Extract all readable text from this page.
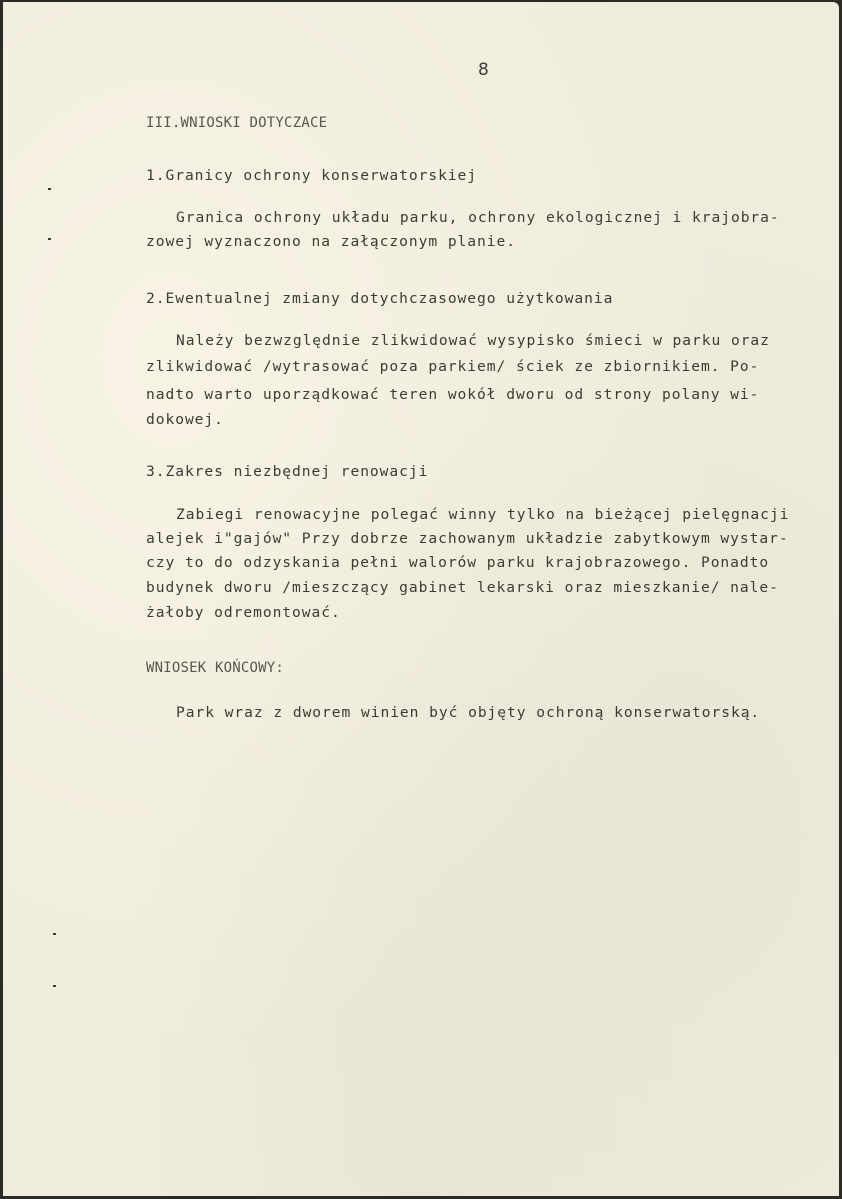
8
III.WNIOSKI DOTYCZACE
1.Granicy ochrony konserwatorskiej
Granica ochrony układu parku, ochrony ekologicznej i krajobra-
zowej wyznaczono na załączonym planie.
2.Ewentualnej zmiany dotychczasowego użytkowania
Należy bezwzględnie zlikwidować wysypisko śmieci w parku oraz
zlikwidować /wytrasować poza parkiem/ ściek ze zbiornikiem. Po-
nadto warto uporządkować teren wokół dworu od strony polany wi-
dokowej.
3.Zakres niezbędnej renowacji
Zabiegi renowacyjne polegać winny tylko na bieżącej pielęgnacji
alejek i"gajów" Przy dobrze zachowanym układzie zabytkowym wystar-
czy to do odzyskania pełni walorów parku krajobrazowego. Ponadto
budynek dworu /mieszczący gabinet lekarski oraz mieszkanie/ nale-
żałoby odremontować.
WNIOSEK KOŃCOWY:
Park wraz z dworem winien być objęty ochroną konserwatorską.
